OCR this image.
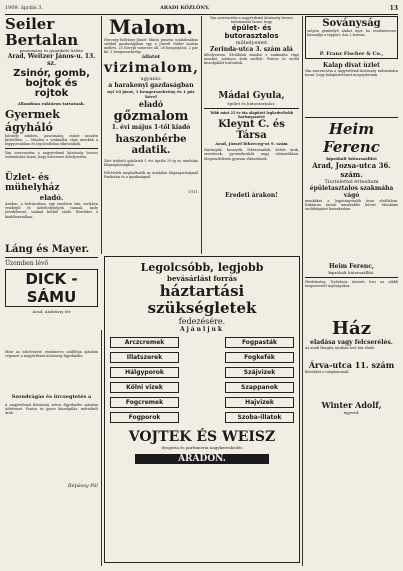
1909. április 3.	ARADI KÖZLÖNY.	13
Seiler Bertalan
paszomány és gombkötő üzlete
Arad, Weitzer János-u. 13. sz.
Zsinór, gomb, bojtok és rojtok
állandóan raktáron tartatnak.
Gyermek ágyháló
bármely színben, paszomány, zsinór minden kivitelben. — Minden e szakmába vágó munkák a leggyorsabban és legolcsóbban elkészülnek.
Van szerencsém a nagyérdemű közönség becses tudomására hozni, hogy üzletemet áthelyeztem.
Üzlet- és mühelyház
eladó.
Aradon, a belvárosban, egy emeletes ház, melyben vendéglő és üzlethelyiségek vannak, mely jövedelmező, szabad kézből eladó. Bővebbet a kiadóhivatalban.
Láng és Mayer.
Üzemben lévő
DICK - SÁMU
Arad, Andrássy tér
Malom.
Herczeg-Szilvássy-József Mária pusztai uradalmában szétkül gazdaságában egy a Józsefi Nádor malom mellett, 25 lóerejű vizierőre áll, 28 hengerjárat, 2 pár kő, 1 hengerszekrény.
állatot
vizimalom,
ugyanis:
a harakonyi gazdaságban
nyi 10 járat, 1 hengerszekrény és 1 pár kővel
eladó
gőzmalom
1. évi május 1-től kiadó
haszonbérbe adatik.
Zárt írásbeli ajánlatok f. évi április 20-ig az uradalmi főigazgatósághoz.
Feltételek megtudhatók az uradalmi főigazgatóságnál Pankotán és a gazdaságnál.
1911
Van szerencsém a nagyérdemű közönség becses tudomására hozni, hogy
épület- és butorasztalos
műhelyemet
Zerinda-utca 3. szám alá
áthelyeztem. Elvállalok minden e szakmába vágó munkát, jutányos árak mellett. Pontos és szolid kiszolgálást biztosítok.
Mádai Gyula,
épület és bútorasztalos.
Több mint 25 év óta alapított legkedveltebb harisnyaszövő
Kleynt C. és Társa
Arad, József főherceg-ut 9. szám
Harisnyák, kesztyűk, fehérneműek, kötött áruk, szvetterek, gyermekruhák nagy választékban. Megrendelések gyorsan elkészülnek.
Eredeti árakon!
Soványság
szépen gömbölyű alakot nyer ha rendszeresen használja a tápport. Ára 2 korona.
P. Franz Fischer & Co.,
Kalap divat üzlet
Van szerencsém a nagyérdemű közönség tudomására hozni, hogy kalapüzletemet megnyitottam.
Heim Ferenc
kipróbált bútorszállító
Arad, Jozsa-utca 36. szám.
Tisztelettel értesítem
épületasztalos szakmába vágó
munkákat a legjutányosabb áron elvállalom. Raktáron tartok mindenféle bútort. Munkáim szolidságáért kezeskedem.
Heim Ferenc,
kipróbált bútorszállító.
Hirdetmény. Nyilvános árverés lesz az alább megnevezett ingóságokra.
Ház
eladása vagy felcserélés.
Az aradi Hargita utcában levő ház eladó.
Árva-utca 11. szám
Bővebbet a tulajdonosnál.
Winter Adolf,
ügyvéd.
Legolcsóbb, legjobb
bevásárlási forrás
háztartási szükségletek
fedezésére.
Ajánljuk
Arczcremek	Fogpasták
Illatszerek	Fogkefék
Hálgyporok	Szájvizek
Kölni vizek	Szappanok
Fogcremek	Hajvizek
Fogporok	Szoba-illatok
VOJTEK ÉS WEISZ
drogéria és parfumeria nagykereskedés
ARADON.
Mint az üzletvezető rendszeres szállítója ajánlom cégemet a nagyérdemű közönség figyelmébe.
Szendvágás és ürcsegtetés a
A nagyérdemű közönség szíves figyelmébe ajánlom üzletemet. Pontos és gyors kiszolgálás, mérsékelt árak.
Répássy Pál
